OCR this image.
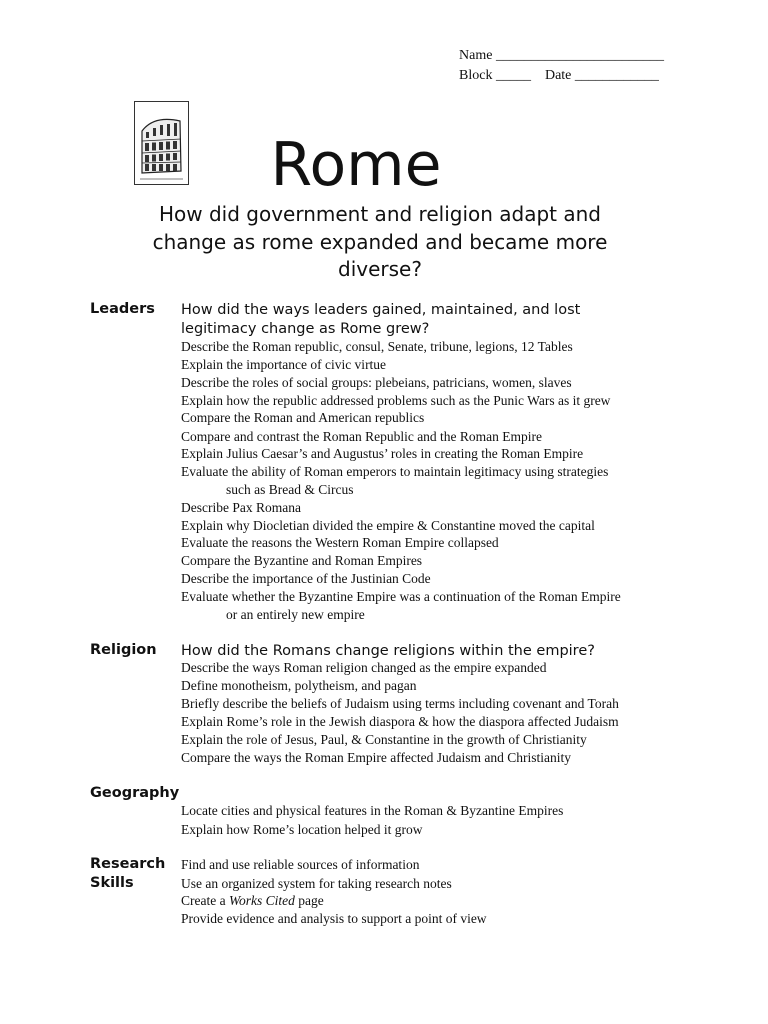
Name ________________________
Block _____ Date ____________
Rome
How did government and religion adapt and change as rome expanded and became more diverse?
Leaders How did the ways leaders gained, maintained, and lost legitimacy change as Rome grew?
Describe the Roman republic, consul, Senate, tribune, legions, 12 Tables
Explain the importance of civic virtue
Describe the roles of social groups: plebeians, patricians, women, slaves
Explain how the republic addressed problems such as the Punic Wars as it grew
Compare the Roman and American republics
Compare and contrast the Roman Republic and the Roman Empire
Explain Julius Caesar’s and Augustus’ roles in creating the Roman Empire
Evaluate the ability of Roman emperors to maintain legitimacy using strategies
such as Bread & Circus
Describe Pax Romana
Explain why Diocletian divided the empire & Constantine moved the capital
Evaluate the reasons the Western Roman Empire collapsed
Compare the Byzantine and Roman Empires
Describe the importance of the Justinian Code
Evaluate whether the Byzantine Empire was a continuation of the Roman Empire
or an entirely new empire
Religion How did the Romans change religions within the empire?
Describe the ways Roman religion changed as the empire expanded
Define monotheism, polytheism, and pagan
Briefly describe the beliefs of Judaism using terms including covenant and Torah
Explain Rome’s role in the Jewish diaspora & how the diaspora affected Judaism
Explain the role of Jesus, Paul, & Constantine in the growth of Christianity
Compare the ways the Roman Empire affected Judaism and Christianity
Geography
Locate cities and physical features in the Roman & Byzantine Empires
Explain how Rome’s location helped it grow
Research
Skills
Find and use reliable sources of information
Use an organized system for taking research notes
Create a Works Cited page
Provide evidence and analysis to support a point of view
